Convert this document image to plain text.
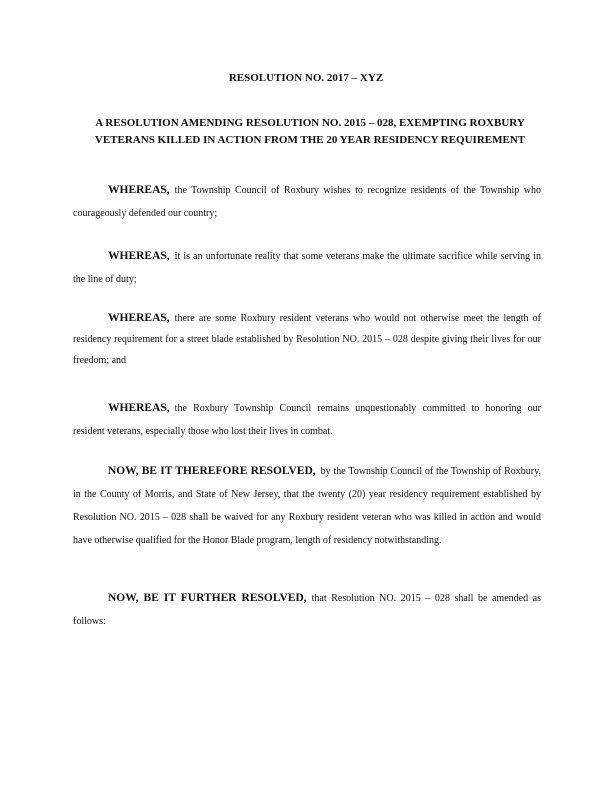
RESOLUTION NO. 2017 – XYZ
A RESOLUTION AMENDING RESOLUTION NO. 2015 – 028, EXEMPTING ROXBURY VETERANS KILLED IN ACTION FROM THE 20 YEAR RESIDENCY REQUIREMENT

WHEREAS, the Township Council of Roxbury wishes to recognize residents of the Township who courageously defended our country;

WHEREAS, it is an unfortunate reality that some veterans make the ultimate sacrifice while serving in the line of duty;

WHEREAS, there are some Roxbury resident veterans who would not otherwise meet the length of residency requirement for a street blade established by Resolution NO. 2015 – 028 despite giving their lives for our freedom; and

WHEREAS, the Roxbury Township Council remains unquestionably committed to honoring our resident veterans, especially those who lost their lives in combat.

NOW, BE IT THEREFORE RESOLVED, by the Township Council of the Township of Roxbury, in the County of Morris, and State of New Jersey, that the twenty (20) year residency requirement established by Resolution NO. 2015 – 028 shall be waived for any Roxbury resident veteran who was killed in action and would have otherwise qualified for the Honor Blade program, length of residency notwithstanding.

NOW, BE IT FURTHER RESOLVED, that Resolution NO. 2015 – 028 shall be amended as follows:
